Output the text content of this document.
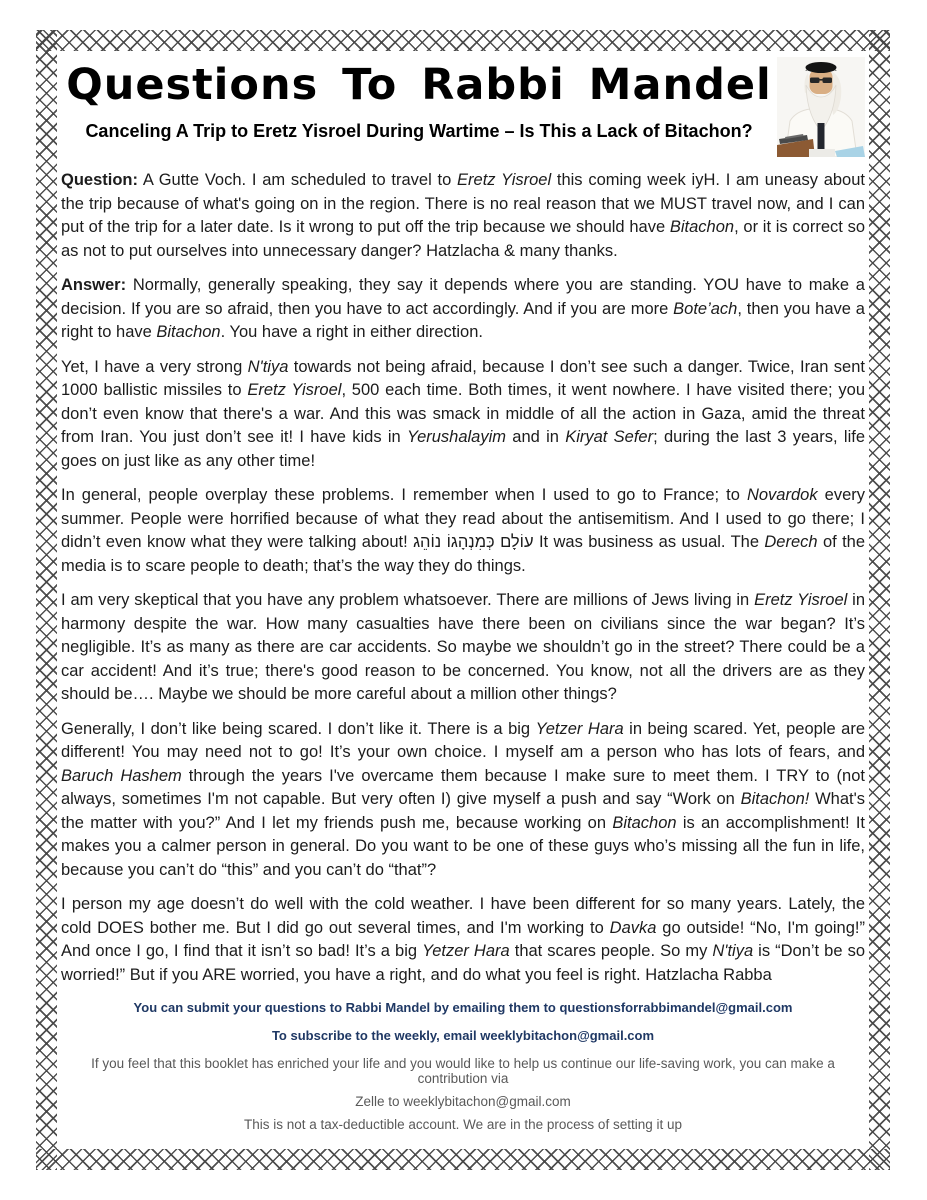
Questions To Rabbi Mandel
Canceling A Trip to Eretz Yisroel During Wartime – Is This a Lack of Bitachon?

Question: A Gutte Voch. I am scheduled to travel to Eretz Yisroel this coming week iyH. I am uneasy about the trip because of what's going on in the region. There is no real reason that we MUST travel now, and I can put of the trip for a later date. Is it wrong to put off the trip because we should have Bitachon, or it is correct so as not to put ourselves into unnecessary danger? Hatzlacha & many thanks.

Answer: Normally, generally speaking, they say it depends where you are standing. YOU have to make a decision. If you are so afraid, then you have to act accordingly. And if you are more Bote’ach, then you have a right to have Bitachon. You have a right in either direction.

Yet, I have a very strong N'tiya towards not being afraid, because I don’t see such a danger. Twice, Iran sent 1000 ballistic missiles to Eretz Yisroel, 500 each time. Both times, it went nowhere. I have visited there; you don’t even know that there's a war. And this was smack in middle of all the action in Gaza, amid the threat from Iran. You just don’t see it! I have kids in Yerushalayim and in Kiryat Sefer; during the last 3 years, life goes on just like as any other time!

In general, people overplay these problems. I remember when I used to go to France; to Novardok every summer. People were horrified because of what they read about the antisemitism. And I used to go there; I didn’t even know what they were talking about! עוֹלָם כְּמִנְהָגוֹ נוֹהֵג It was business as usual. The Derech of the media is to scare people to death; that’s the way they do things.

I am very skeptical that you have any problem whatsoever. There are millions of Jews living in Eretz Yisroel in harmony despite the war. How many casualties have there been on civilians since the war began? It’s negligible. It’s as many as there are car accidents. So maybe we shouldn’t go in the street? There could be a car accident! And it’s true; there's good reason to be concerned. You know, not all the drivers are as they should be…. Maybe we should be more careful about a million other things?

Generally, I don’t like being scared. I don’t like it. There is a big Yetzer Hara in being scared. Yet, people are different! You may need not to go! It’s your own choice. I myself am a person who has lots of fears, and Baruch Hashem through the years I've overcame them because I make sure to meet them. I TRY to (not always, sometimes I'm not capable. But very often I) give myself a push and say “Work on Bitachon! What's the matter with you?” And I let my friends push me, because working on Bitachon is an accomplishment! It makes you a calmer person in general. Do you want to be one of these guys who’s missing all the fun in life, because you can’t do “this” and you can’t do “that”?

I person my age doesn’t do well with the cold weather. I have been different for so many years. Lately, the cold DOES bother me. But I did go out several times, and I'm working to Davka go outside! “No, I'm going!” And once I go, I find that it isn’t so bad! It’s a big Yetzer Hara that scares people. So my N'tiya is “Don’t be so worried!” But if you ARE worried, you have a right, and do what you feel is right. Hatzlacha Rabba

You can submit your questions to Rabbi Mandel by emailing them to questionsforrabbimandel@gmail.com
To subscribe to the weekly, email weeklybitachon@gmail.com
If you feel that this booklet has enriched your life and you would like to help us continue our life-saving work, you can make a contribution via
Zelle to weeklybitachon@gmail.com
This is not a tax-deductible account. We are in the process of setting it up
